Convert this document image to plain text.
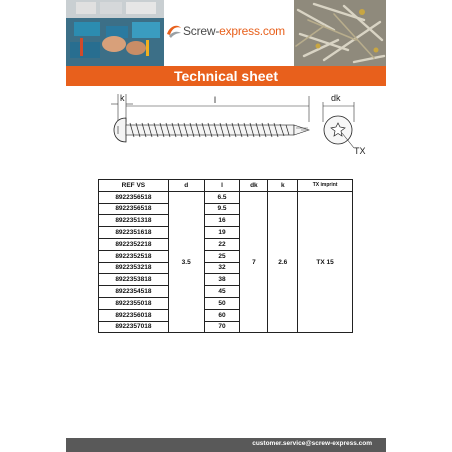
Screw-express.com
Technical sheet
k	l	dk
TX
REF VS	d	l	dk	k	TX imprint
8922356518	3.5	6.5	7	2.6	TX 15
8922356518		9.5			
8922351318		16			
8922351618		19			
8922352218		22			
8922352518		25			
8922353218		32			
8922353818		38			
8922354518		45			
8922355018		50			
8922356018		60			
8922357018		70			
customer.service@screw-express.com
